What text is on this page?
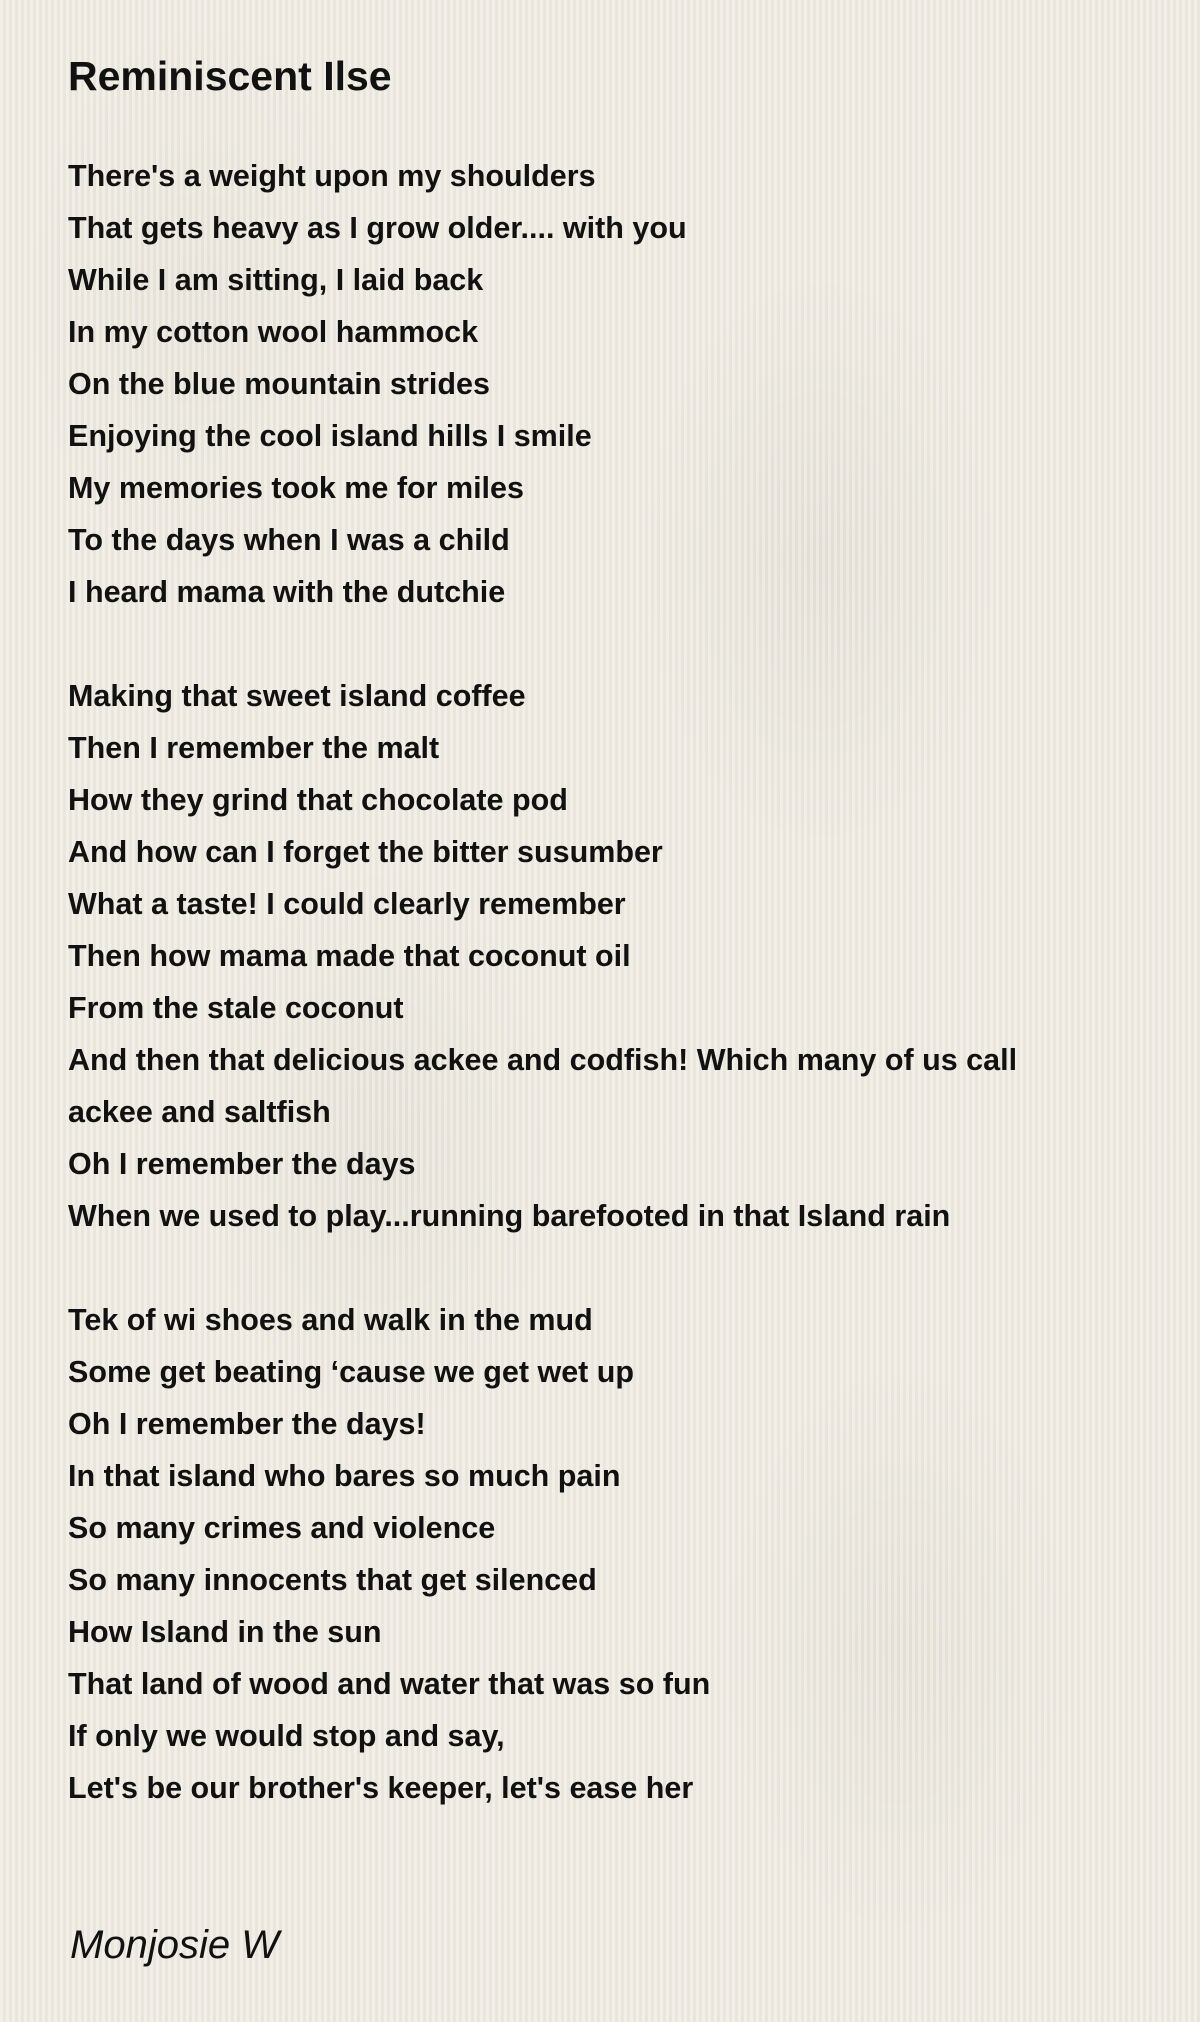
Reminiscent Ilse
There's a weight upon my shoulders
That gets heavy as I grow older.... with you
While I am sitting, I laid back
In my cotton wool hammock
On the blue mountain strides
Enjoying the cool island hills I smile
My memories took me for miles
To the days when I was a child
I heard mama with the dutchie
Making that sweet island coffee
Then I remember the malt
How they grind that chocolate pod
And how can I forget the bitter susumber
What a taste! I could clearly remember
Then how mama made that coconut oil
From the stale coconut
And then that delicious ackee and codfish! Which many of us call
ackee and saltfish
Oh I remember the days
When we used to play...running barefooted in that Island rain
Tek of wi shoes and walk in the mud
Some get beating ‘cause we get wet up
Oh I remember the days!
In that island who bares so much pain
So many crimes and violence
So many innocents that get silenced
How Island in the sun
That land of wood and water that was so fun
If only we would stop and say,
Let's be our brother's keeper, let's ease her

Monjosie W
